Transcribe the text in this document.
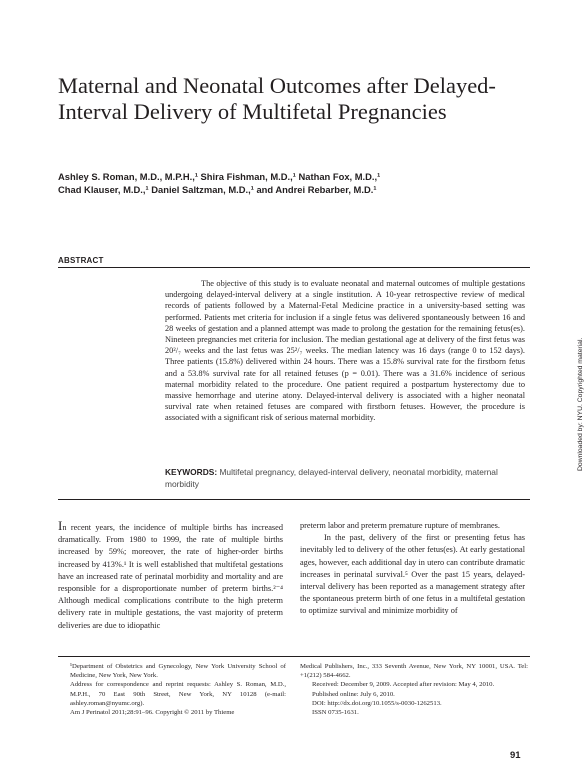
Maternal and Neonatal Outcomes after Delayed-Interval Delivery of Multifetal Pregnancies
Ashley S. Roman, M.D., M.P.H.,¹ Shira Fishman, M.D.,¹ Nathan Fox, M.D.,¹
Chad Klauser, M.D.,¹ Daniel Saltzman, M.D.,¹ and Andrei Rebarber, M.D.¹
ABSTRACT

The objective of this study is to evaluate neonatal and maternal outcomes of multiple gestations undergoing delayed-interval delivery at a single institution. A 10-year retrospective review of medical records of patients followed by a Maternal-Fetal Medicine practice in a university-based setting was performed. Patients met criteria for inclusion if a single fetus was delivered spontaneously between 16 and 28 weeks of gestation and a planned attempt was made to prolong the gestation for the remaining fetus(es). Nineteen pregnancies met criteria for inclusion. The median gestational age at delivery of the first fetus was 20²/₇ weeks and the last fetus was 25²/₇ weeks. The median latency was 16 days (range 0 to 152 days). Three patients (15.8%) delivered within 24 hours. There was a 15.8% survival rate for the firstborn fetus and a 53.8% survival rate for all retained fetuses (p = 0.01). There was a 31.6% incidence of serious maternal morbidity related to the procedure. One patient required a postpartum hysterectomy due to massive hemorrhage and uterine atony. Delayed-interval delivery is associated with a higher neonatal survival rate when retained fetuses are compared with firstborn fetuses. However, the procedure is associated with a significant risk of serious maternal morbidity.

KEYWORDS: Multifetal pregnancy, delayed-interval delivery, neonatal morbidity, maternal morbidity

In recent years, the incidence of multiple births has increased dramatically. From 1980 to 1999, the rate of multiple births increased by 59%; moreover, the rate of higher-order births increased by 413%.¹ It is well established that multifetal gestations have an increased rate of perinatal morbidity and mortality and are responsible for a disproportionate number of preterm births.²⁻⁴ Although medical complications contribute to the high preterm delivery rate in multiple gestations, the vast majority of preterm deliveries are due to idiopathic

preterm labor and preterm premature rupture of membranes.
In the past, delivery of the first or presenting fetus has inevitably led to delivery of the other fetus(es). At early gestational ages, however, each additional day in utero can contribute dramatic increases in perinatal survival.⁵ Over the past 15 years, delayed-interval delivery has been reported as a management strategy after the spontaneous preterm birth of one fetus in a multifetal gestation to optimize survival and minimize morbidity of
¹Department of Obstetrics and Gynecology, New York University School of Medicine, New York, New York.
Address for correspondence and reprint requests: Ashley S. Roman, M.D., M.P.H., 70 East 90th Street, New York, NY 10128 (e-mail: ashley.roman@nyumc.org).
Am J Perinatol 2011;28:91–96. Copyright © 2011 by Thieme
Medical Publishers, Inc., 333 Seventh Avenue, New York, NY 10001, USA. Tel: +1(212) 584-4662.
Received: December 9, 2009. Accepted after revision: May 4, 2010.
Published online: July 6, 2010.
DOI: http://dx.doi.org/10.1055/s-0030-1262513.
ISSN 0735-1631.
91
Downloaded by: NYU. Copyrighted material.
